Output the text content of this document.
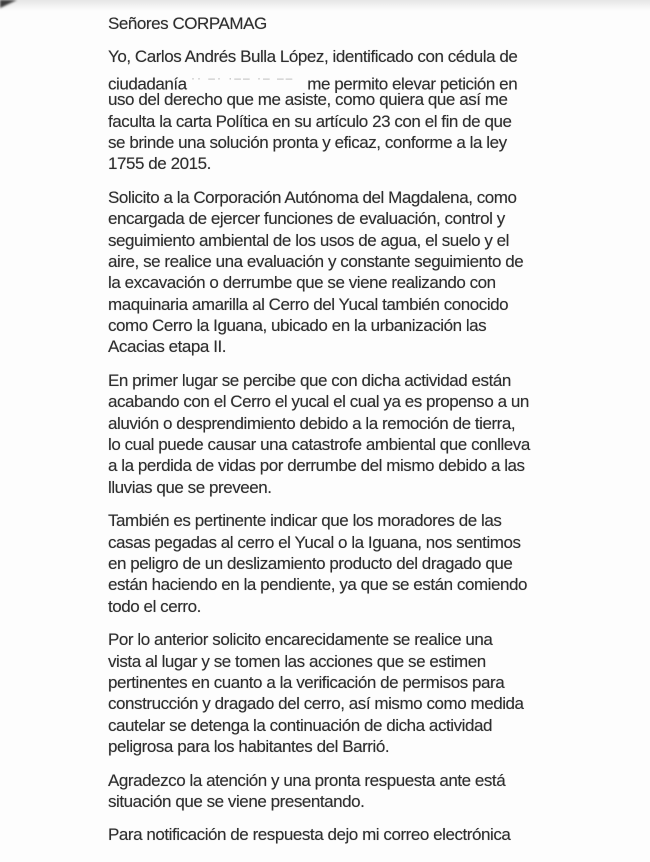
Señores CORPAMAG

Yo, Carlos Andrés Bulla López, identificado con cédula de
ciudadanía ·· –· ·–– ·– –– me permito elevar petición en
uso del derecho que me asiste, como quiera que así me
faculta la carta Política en su artículo 23 con el fin de que
se brinde una solución pronta y eficaz, conforme a la ley
1755 de 2015.

Solicito a la Corporación Autónoma del Magdalena, como
encargada de ejercer funciones de evaluación, control y
seguimiento ambiental de los usos de agua, el suelo y el
aire, se realice una evaluación y constante seguimiento de
la excavación o derrumbe que se viene realizando con
maquinaria amarilla al Cerro del Yucal también conocido
como Cerro la Iguana, ubicado en la urbanización las
Acacias etapa II.

En primer lugar se percibe que con dicha actividad están
acabando con el Cerro el yucal el cual ya es propenso a un
aluvión o desprendimiento debido a la remoción de tierra,
lo cual puede causar una catastrofe ambiental que conlleva
a la perdida de vidas por derrumbe del mismo debido a las
lluvias que se preveen.

También es pertinente indicar que los moradores de las
casas pegadas al cerro el Yucal o la Iguana, nos sentimos
en peligro de un deslizamiento producto del dragado que
están haciendo en la pendiente, ya que se están comiendo
todo el cerro.

Por lo anterior solicito encarecidamente se realice una
vista al lugar y se tomen las acciones que se estimen
pertinentes en cuanto a la verificación de permisos para
construcción y dragado del cerro, así mismo como medida
cautelar se detenga la continuación de dicha actividad
peligrosa para los habitantes del Barrió.

Agradezco la atención y una pronta respuesta ante está
situación que se viene presentando.

Para notificación de respuesta dejo mi correo electrónica
